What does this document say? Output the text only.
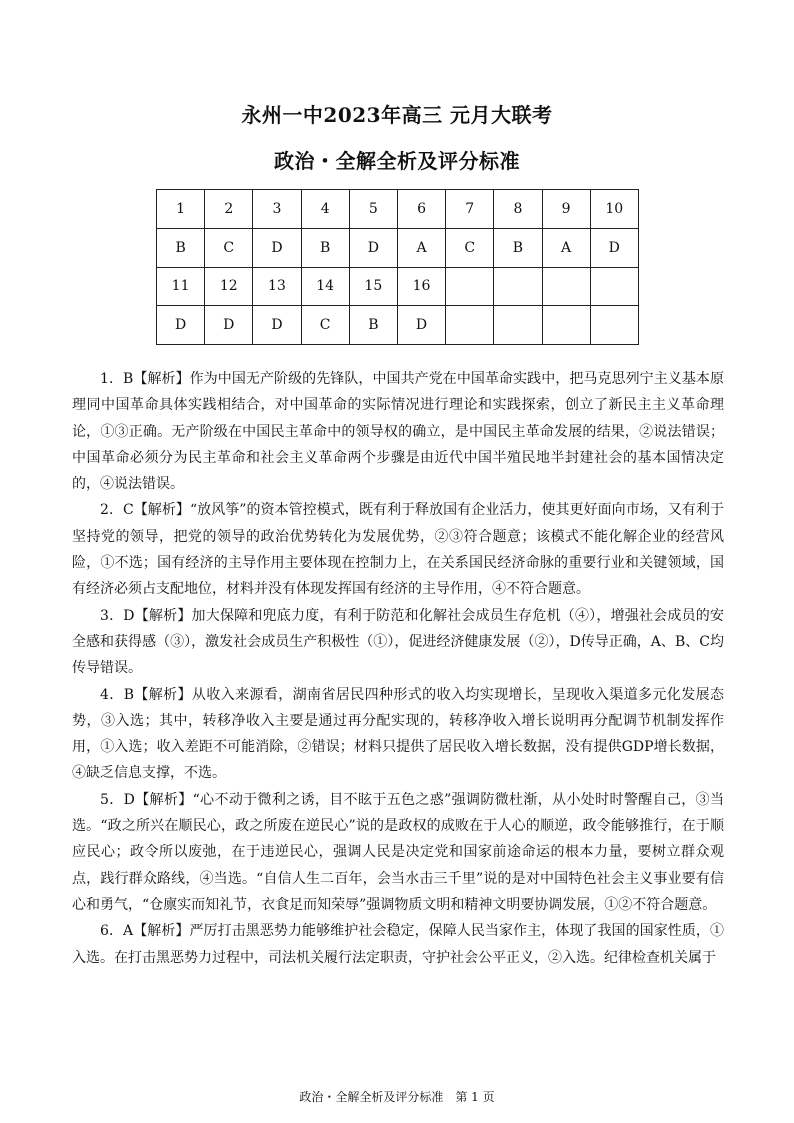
永州一中2023年高三 元月大联考
政治・全解全析及评分标准
1	2	3	4	5	6	7	8	9	10
B	C	D	B	D	A	C	B	A	D
11	12	13	14	15	16				
D	D	D	C	B	D				

1．B【解析】作为中国无产阶级的先锋队，中国共产党在中国革命实践中，把马克思列宁主义基本原理同中国革命具体实践相结合，对中国革命的实际情况进行理论和实践探索，创立了新民主主义革命理论，①③正确。无产阶级在中国民主革命中的领导权的确立，是中国民主革命发展的结果，②说法错误；中国革命必须分为民主革命和社会主义革命两个步骤是由近代中国半殖民地半封建社会的基本国情决定的，④说法错误。

2．C【解析】“放风筝”的资本管控模式，既有利于释放国有企业活力，使其更好面向市场，又有利于坚持党的领导，把党的领导的政治优势转化为发展优势，②③符合题意；该模式不能化解企业的经营风险，①不选；国有经济的主导作用主要体现在控制力上，在关系国民经济命脉的重要行业和关键领域，国有经济必须占支配地位，材料并没有体现发挥国有经济的主导作用，④不符合题意。

3．D【解析】加大保障和兜底力度，有利于防范和化解社会成员生存危机（④），增强社会成员的安全感和获得感（③），激发社会成员生产积极性（①），促进经济健康发展（②），D传导正确，A、B、C均传导错误。

4．B【解析】从收入来源看，湖南省居民四种形式的收入均实现增长，呈现收入渠道多元化发展态势，③入选；其中，转移净收入主要是通过再分配实现的，转移净收入增长说明再分配调节机制发挥作用，①入选；收入差距不可能消除，②错误；材料只提供了居民收入增长数据，没有提供GDP增长数据，④缺乏信息支撑，不选。

5．D【解析】“心不动于微利之诱，目不眩于五色之惑”强调防微杜渐，从小处时时警醒自己，③当选。“政之所兴在顺民心，政之所废在逆民心”说的是政权的成败在于人心的顺逆，政令能够推行，在于顺应民心；政令所以废弛，在于违逆民心，强调人民是决定党和国家前途命运的根本力量，要树立群众观点，践行群众路线，④当选。“自信人生二百年，会当水击三千里”说的是对中国特色社会主义事业要有信心和勇气，“仓廪实而知礼节，衣食足而知荣辱”强调物质文明和精神文明要协调发展，①②不符合题意。

6．A【解析】严厉打击黑恶势力能够维护社会稳定，保障人民当家作主，体现了我国的国家性质，①入选。在打击黑恶势力过程中，司法机关履行法定职责，守护社会公平正义，②入选。纪律检查机关属于

政治・全解全析及评分标准　第 1 页
